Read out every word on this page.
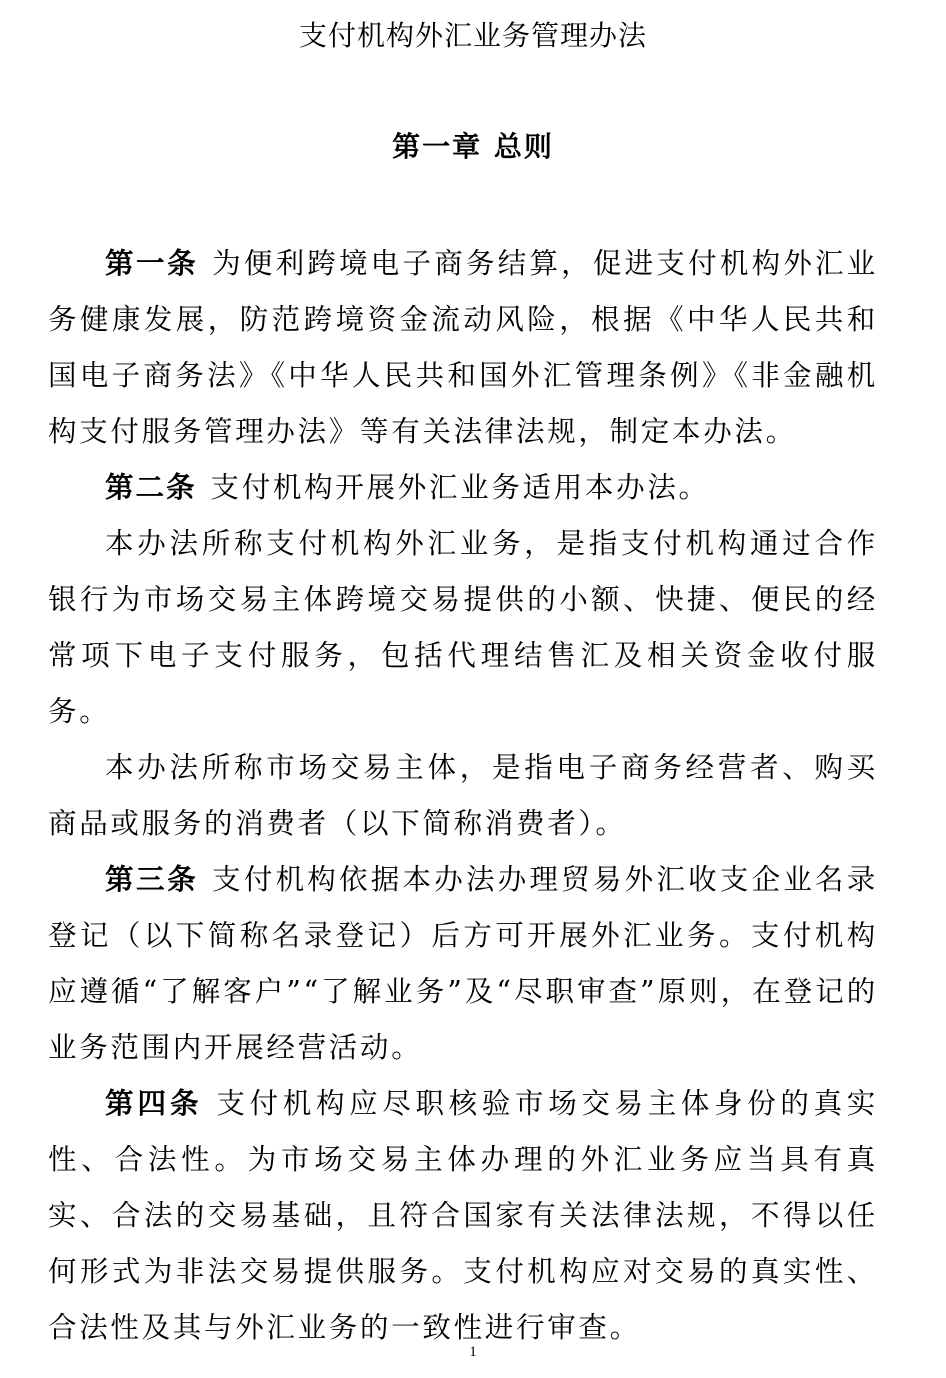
支付机构外汇业务管理办法
第一章 总则

第一条 为便利跨境电子商务结算，促进支付机构外汇业务健康发展，防范跨境资金流动风险，根据《中华人民共和国电子商务法》《中华人民共和国外汇管理条例》《非金融机构支付服务管理办法》等有关法律法规，制定本办法。

第二条 支付机构开展外汇业务适用本办法。

本办法所称支付机构外汇业务，是指支付机构通过合作银行为市场交易主体跨境交易提供的小额、快捷、便民的经常项下电子支付服务，包括代理结售汇及相关资金收付服务。

本办法所称市场交易主体，是指电子商务经营者、购买商品或服务的消费者（以下简称消费者）。

第三条 支付机构依据本办法办理贸易外汇收支企业名录登记（以下简称名录登记）后方可开展外汇业务。支付机构应遵循“了解客户”“了解业务”及“尽职审查”原则，在登记的业务范围内开展经营活动。

第四条 支付机构应尽职核验市场交易主体身份的真实性、合法性。为市场交易主体办理的外汇业务应当具有真实、合法的交易基础，且符合国家有关法律法规，不得以任何形式为非法交易提供服务。支付机构应对交易的真实性、合法性及其与外汇业务的一致性进行审查。

1
